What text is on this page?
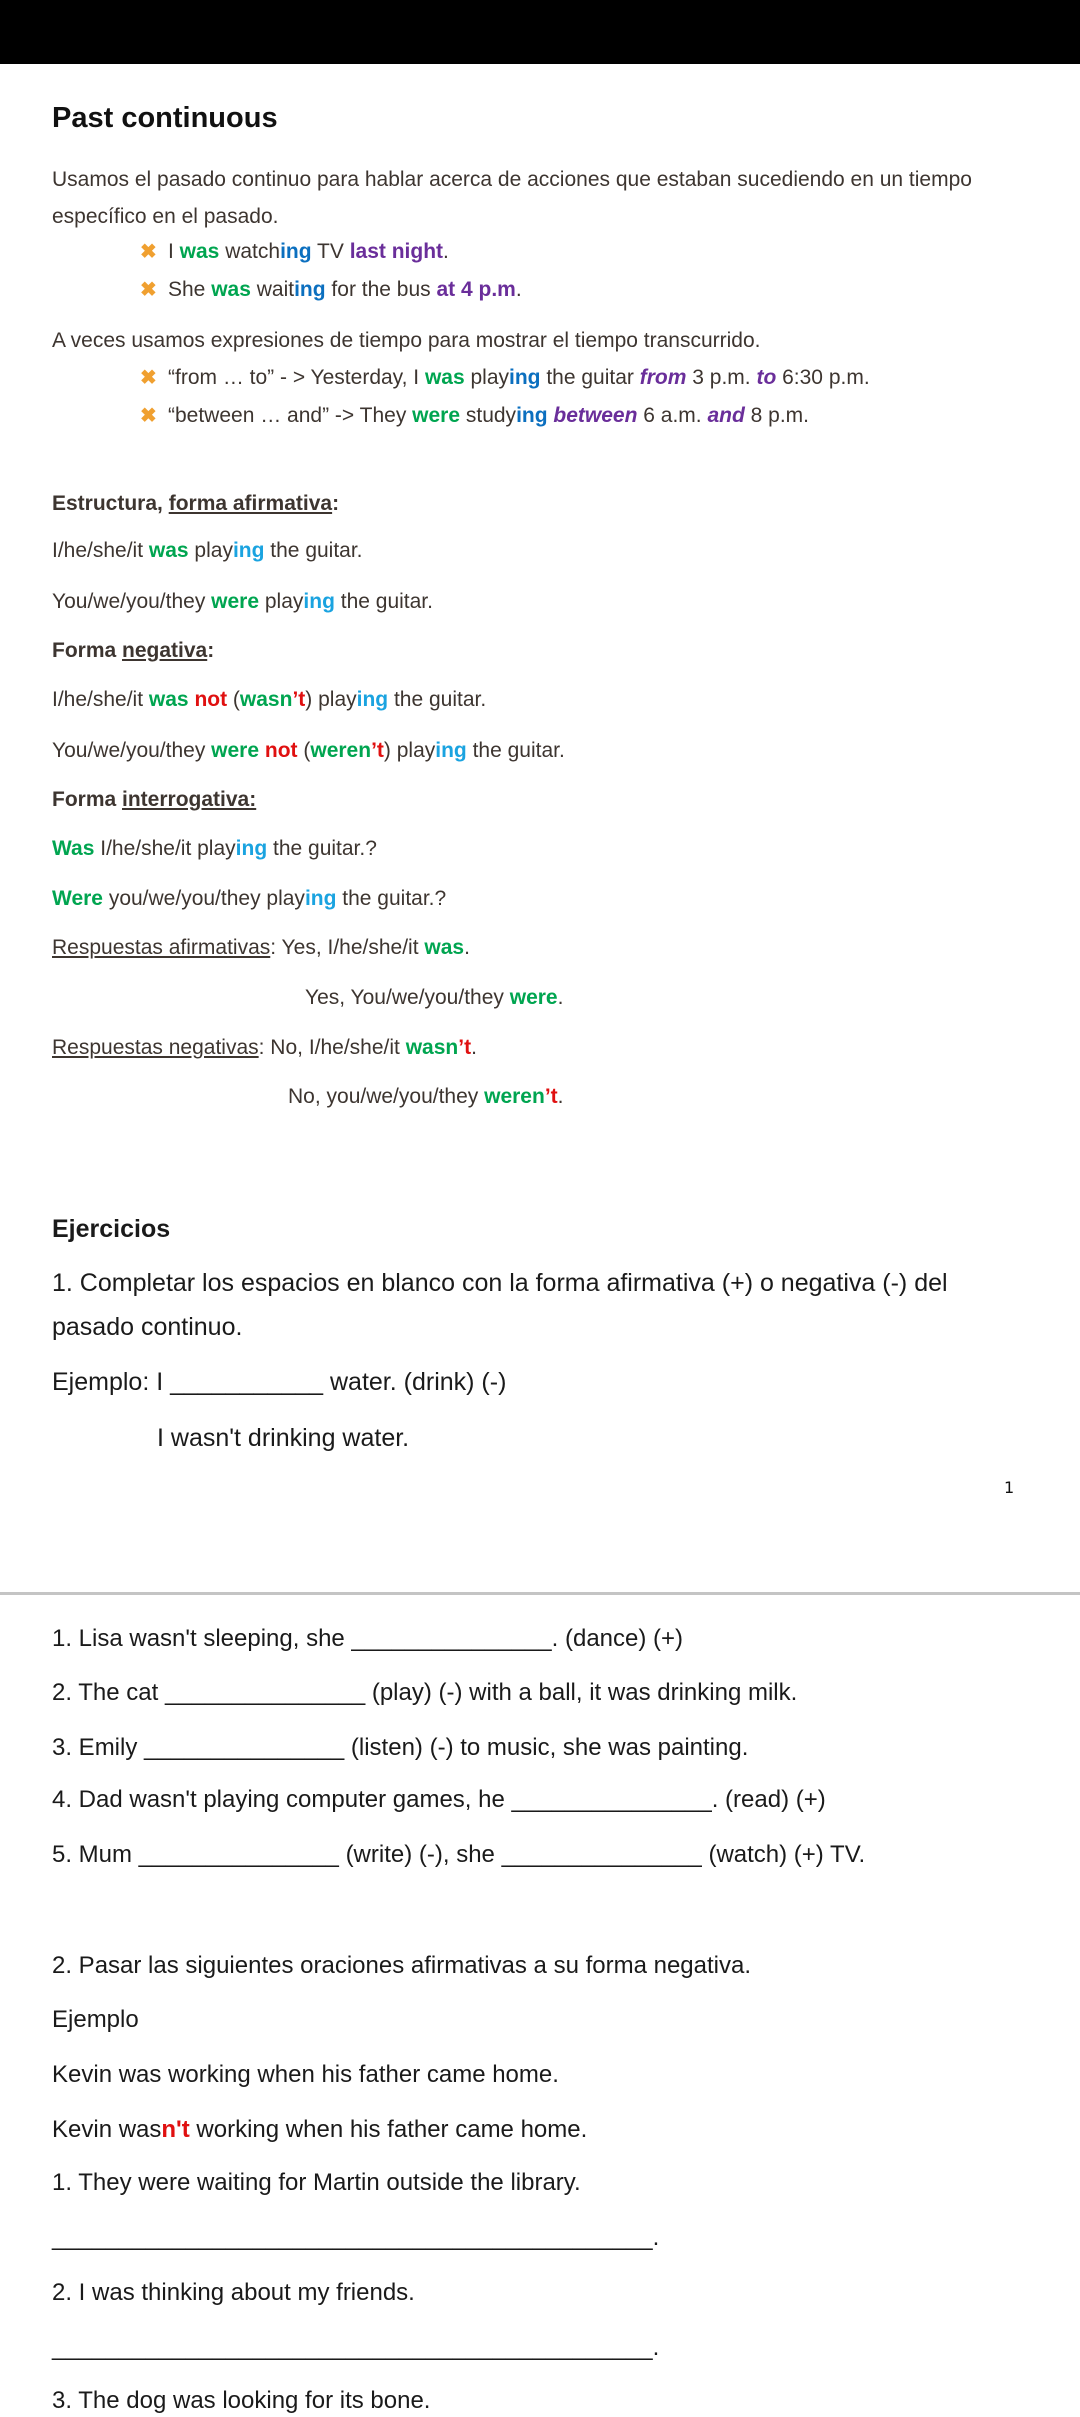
Past continuous
Usamos el pasado continuo para hablar acerca de acciones que estaban sucediendo en un tiempo
específico en el pasado.
✖ I was watching TV last night.
✖ She was waiting for the bus at 4 p.m.
A veces usamos expresiones de tiempo para mostrar el tiempo transcurrido.
✖ “from … to” - > Yesterday, I was playing the guitar from 3 p.m. to 6:30 p.m.
✖ “between … and” -> They were studying between 6 a.m. and 8 p.m.
Estructura, forma afirmativa:
I/he/she/it was playing the guitar.
You/we/you/they were playing the guitar.
Forma negativa:
I/he/she/it was not (wasn’t) playing the guitar.
You/we/you/they were not (weren’t) playing the guitar.
Forma interrogativa:
Was I/he/she/it playing the guitar.?
Were you/we/you/they playing the guitar.?
Respuestas afirmativas: Yes, I/he/she/it was.
Yes, You/we/you/they were.
Respuestas negativas: No, I/he/she/it wasn’t.
No, you/we/you/they weren’t.
Ejercicios
1. Completar los espacios en blanco con la forma afirmativa (+) o negativa (-) del
pasado continuo.
Ejemplo: I ___________ water. (drink) (-)
I wasn't drinking water.
1. Lisa wasn't sleeping, she _______________. (dance) (+)
2. The cat _______________ (play) (-) with a ball, it was drinking milk.
3. Emily _______________ (listen) (-) to music, she was painting.
4. Dad wasn't playing computer games, he _______________. (read) (+)
5. Mum _______________ (write) (-), she _______________ (watch) (+) TV.
2. Pasar las siguientes oraciones afirmativas a su forma negativa.
Ejemplo
Kevin was working when his father came home.
Kevin wasn't working when his father came home.
1. They were waiting for Martin outside the library.
_____________________________________________.
2. I was thinking about my friends.
_____________________________________________.
3. The dog was looking for its bone.
1
